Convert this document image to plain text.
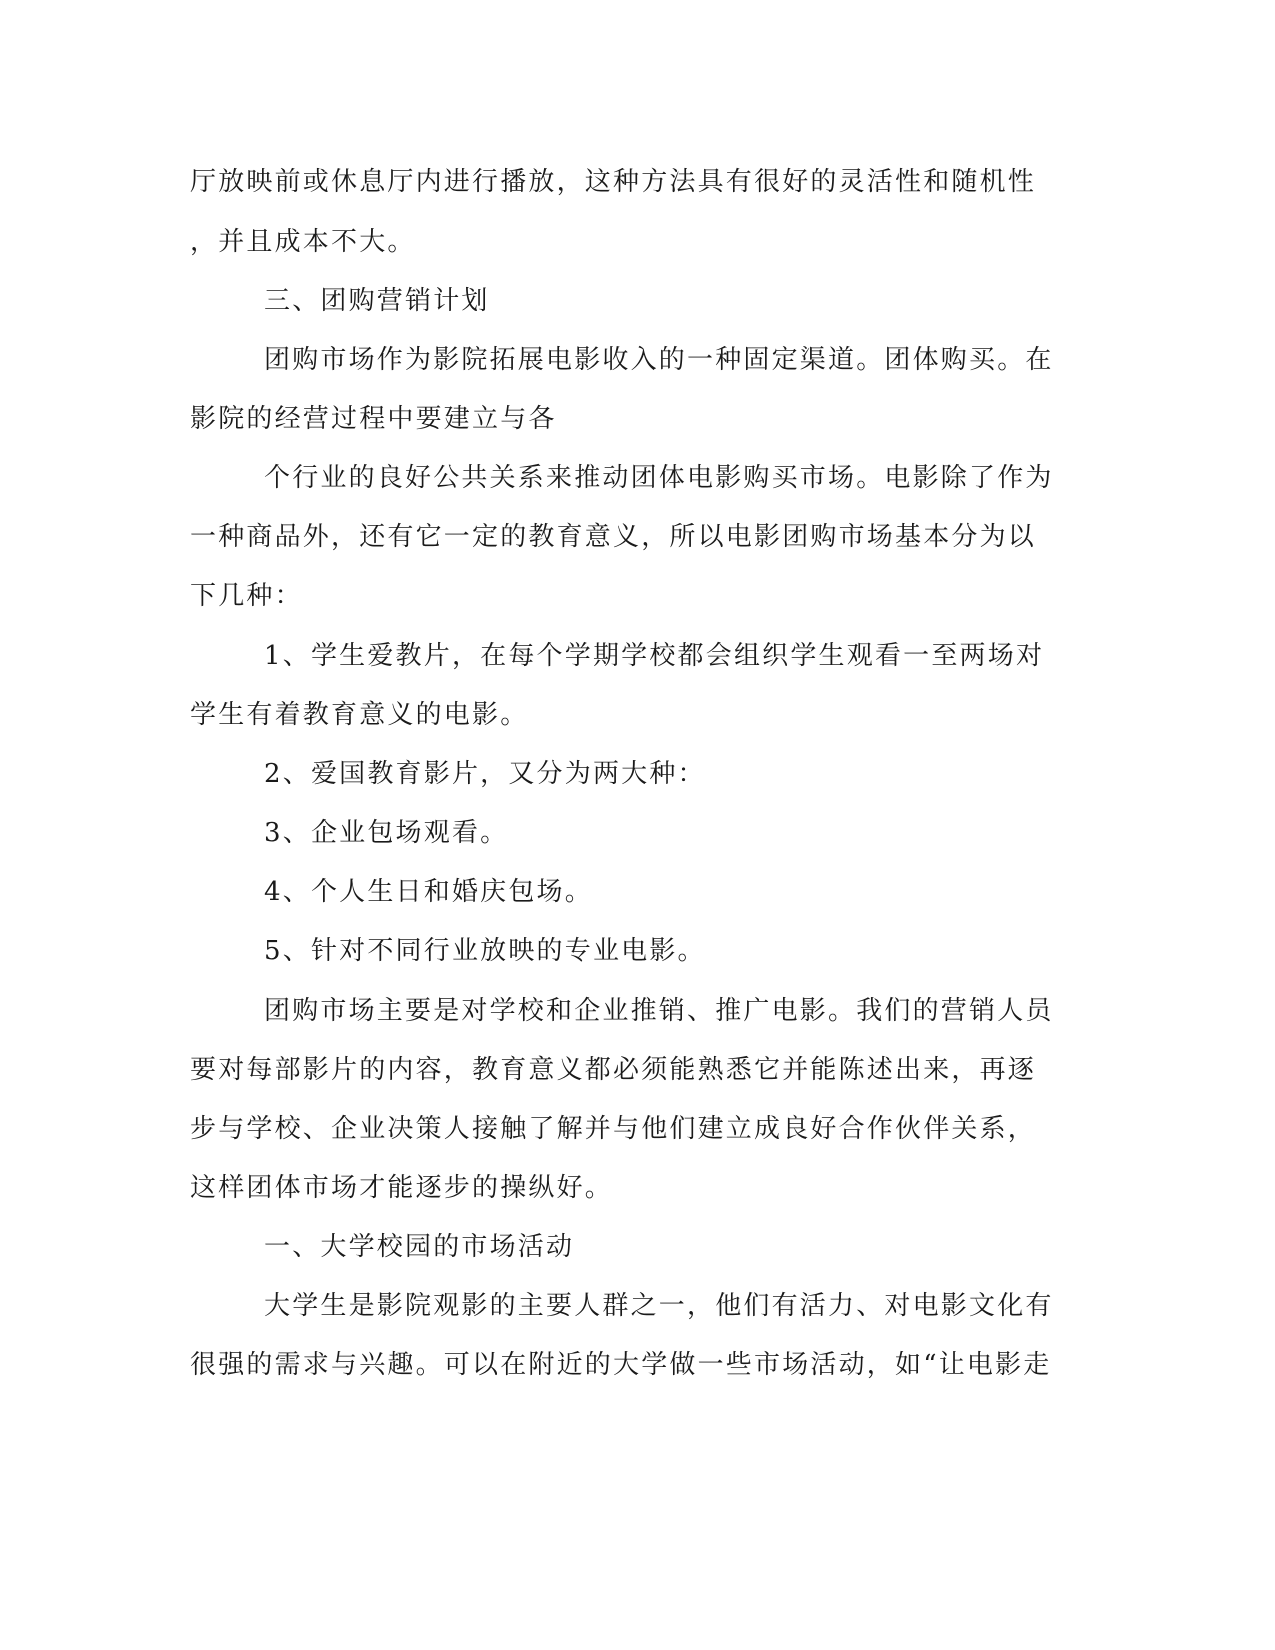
厅放映前或休息厅内进行播放，这种方法具有很好的灵活性和随机性
，并且成本不大。
三、团购营销计划
团购市场作为影院拓展电影收入的一种固定渠道。团体购买。在
影院的经营过程中要建立与各
个行业的良好公共关系来推动团体电影购买市场。电影除了作为
一种商品外，还有它一定的教育意义，所以电影团购市场基本分为以
下几种：
1、学生爱教片，在每个学期学校都会组织学生观看一至两场对
学生有着教育意义的电影。
2、爱国教育影片，又分为两大种：
3、企业包场观看。
4、个人生日和婚庆包场。
5、针对不同行业放映的专业电影。
团购市场主要是对学校和企业推销、推广电影。我们的营销人员
要对每部影片的内容，教育意义都必须能熟悉它并能陈述出来，再逐
步与学校、企业决策人接触了解并与他们建立成良好合作伙伴关系，
这样团体市场才能逐步的操纵好。
一、大学校园的市场活动
大学生是影院观影的主要人群之一，他们有活力、对电影文化有
很强的需求与兴趣。可以在附近的大学做一些市场活动，如“让电影走
